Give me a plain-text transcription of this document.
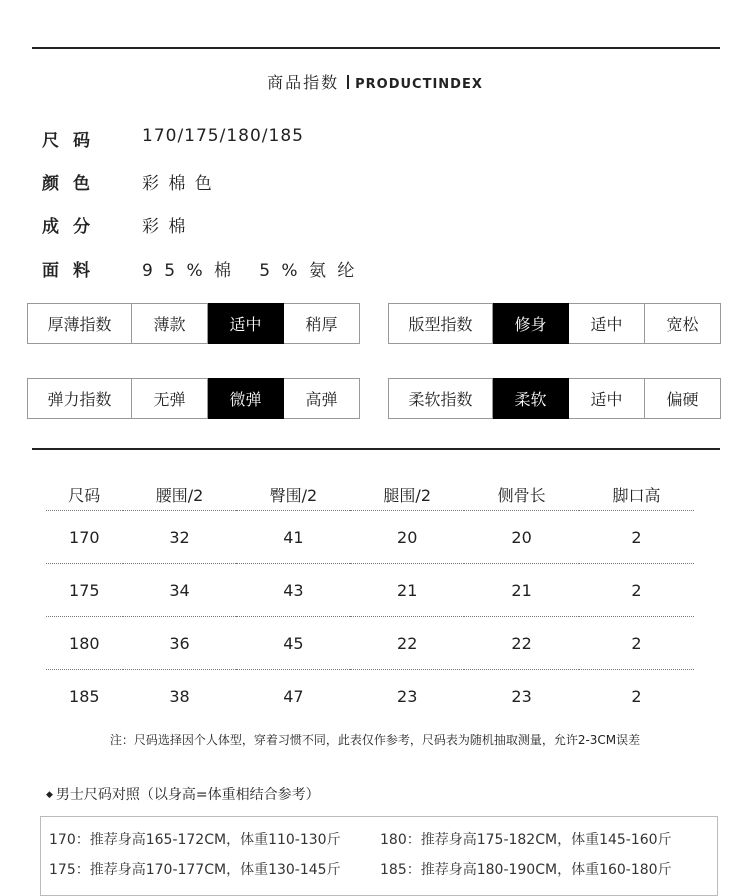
商品指数 PRODUCTINDEX
尺码	170/175/180/185
颜色	彩 棉 色
成分	彩 棉
面料	9 5 % 棉   5 % 氨 纶
厚薄指数	薄款	适中	稍厚	版型指数	修身	适中	宽松
弹力指数	无弹	微弹	高弹	柔软指数	柔软	适中	偏硬
尺码	腰围/2	臀围/2	腿围/2	侧骨长	脚口高
170	32	41	20	20	2
175	34	43	21	21	2
180	36	45	22	22	2
185	38	47	23	23	2
注：尺码选择因个人体型，穿着习惯不同，此表仅作参考，尺码表为随机抽取测量，允许2-3CM误差
◆ 男士尺码对照（以身高=体重相结合参考）
170：推荐身高165-172CM，体重110-130斤	180：推荐身高175-182CM，体重145-160斤
175：推荐身高170-177CM，体重130-145斤	185：推荐身高180-190CM，体重160-180斤
